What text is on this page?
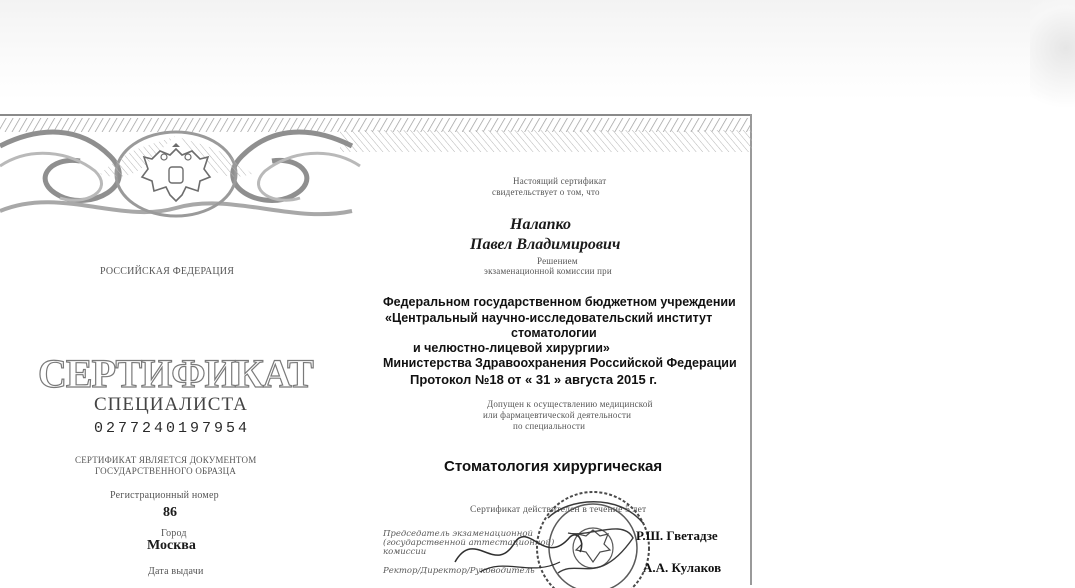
РОССИЙСКАЯ ФЕДЕРАЦИЯ
СЕРТИФИКАТ
СПЕЦИАЛИСТА
0277240197954
СЕРТИФИКАТ ЯВЛЯЕТСЯ ДОКУМЕНТОМ
ГОСУДАРСТВЕННОГО ОБРАЗЦА
Регистрационный номер
86
Город
Москва
Дата выдачи
Настоящий сертификат
свидетельствует о том, что
Налапко
Павел Владимирович
Решением
экзаменационной комиссии при
Федеральном государственном бюджетном учреждении
«Центральный научно-исследовательский институт
стоматологии
и челюстно-лицевой хирургии»
Министерства Здравоохранения Российской Федерации
Протокол №18 от « 31 » августа 2015 г.
Допущен к осуществлению медицинской
или фармацевтической деятельности
по специальности
Стоматология хирургическая
Сертификат действителен в течение 5 лет
Председатель экзаменационной
(государственной аттестационной)
комиссии
Ректор/Директор/Руководитель
Р.Ш. Гветадзе
А.А. Кулаков
